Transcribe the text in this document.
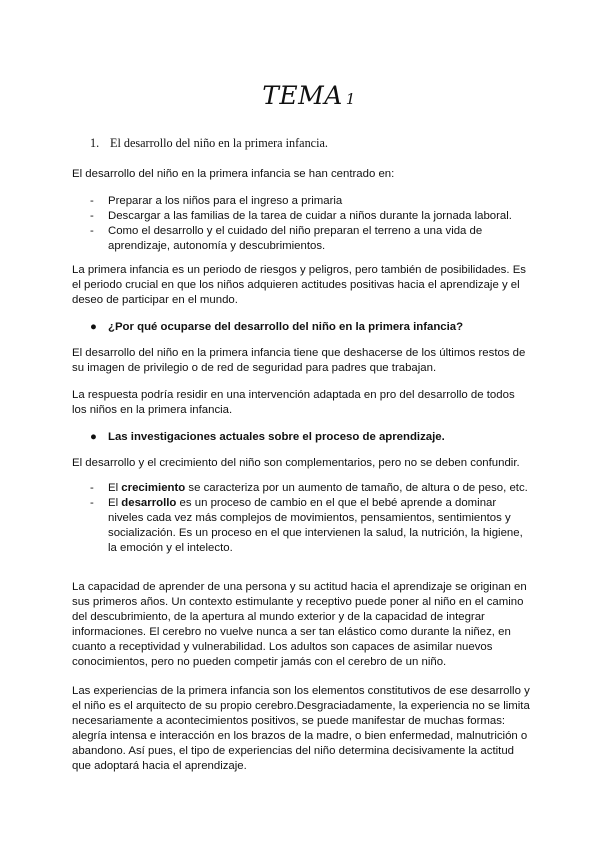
TEMA 1
1. El desarrollo del niño en la primera infancia.

El desarrollo del niño en la primera infancia se han centrado en:

- Preparar a los niños para el ingreso a primaria
- Descargar a las familias de la tarea de cuidar a niños durante la jornada laboral.
- Como el desarrollo y el cuidado del niño preparan el terreno a una vida de aprendizaje, autonomía y descubrimientos.

La primera infancia es un periodo de riesgos y peligros, pero también de posibilidades. Es el periodo crucial en que los niños adquieren actitudes positivas hacia el aprendizaje y el deseo de participar en el mundo.

● ¿Por qué ocuparse del desarrollo del niño en la primera infancia?

El desarrollo del niño en la primera infancia tiene que deshacerse de los últimos restos de su imagen de privilegio o de red de seguridad para padres que trabajan.

La respuesta podría residir en una intervención adaptada en pro del desarrollo de todos los niños en la primera infancia.

● Las investigaciones actuales sobre el proceso de aprendizaje.

El desarrollo y el crecimiento del niño son complementarios, pero no se deben confundir.

- El crecimiento se caracteriza por un aumento de tamaño, de altura o de peso, etc.
- El desarrollo es un proceso de cambio en el que el bebé aprende a dominar niveles cada vez más complejos de movimientos, pensamientos, sentimientos y socialización. Es un proceso en el que intervienen la salud, la nutrición, la higiene, la emoción y el intelecto.

La capacidad de aprender de una persona y su actitud hacia el aprendizaje se originan en sus primeros años. Un contexto estimulante y receptivo puede poner al niño en el camino del descubrimiento, de la apertura al mundo exterior y de la capacidad de integrar informaciones. El cerebro no vuelve nunca a ser tan elástico como durante la niñez, en cuanto a receptividad y vulnerabilidad. Los adultos son capaces de asimilar nuevos conocimientos, pero no pueden competir jamás con el cerebro de un niño.

Las experiencias de la primera infancia son los elementos constitutivos de ese desarrollo y el niño es el arquitecto de su propio cerebro.Desgraciadamente, la experiencia no se limita necesariamente a acontecimientos positivos, se puede manifestar de muchas formas: alegría intensa e interacción en los brazos de la madre, o bien enfermedad, malnutrición o abandono. Así pues, el tipo de experiencias del niño determina decisivamente la actitud que adoptará hacia el aprendizaje.
